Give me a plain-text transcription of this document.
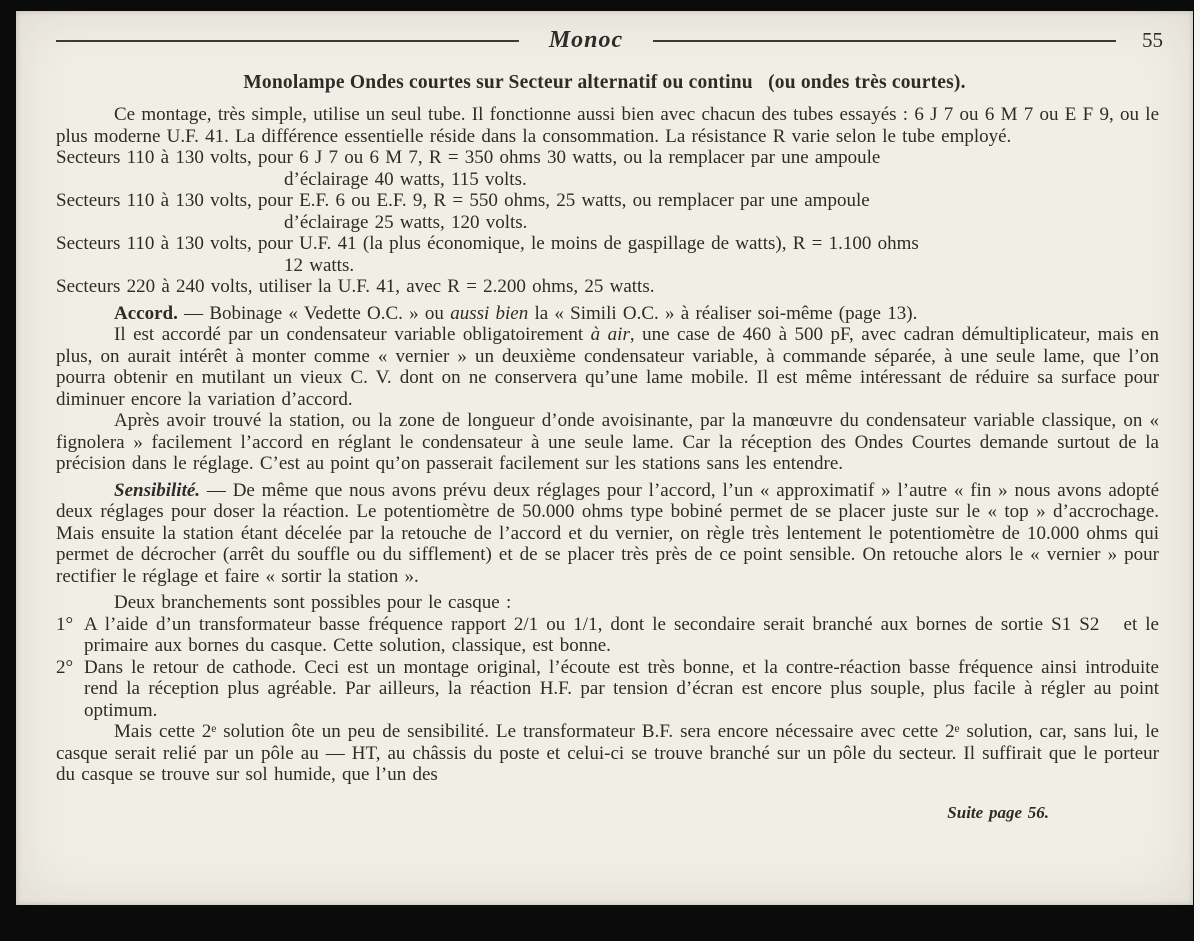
Monoc	55
Monolampe Ondes courtes sur Secteur alternatif ou continu   (ou ondes très courtes).

Ce montage, très simple, utilise un seul tube. Il fonctionne aussi bien avec chacun des tubes essayés : 6 J 7 ou 6 M 7 ou E F 9, ou le plus moderne U.F. 41. La différence essentielle réside dans la consommation. La résistance R varie selon le tube employé.

Secteurs 110 à 130 volts, pour 6 J 7 ou 6 M 7, R = 350 ohms 30 watts, ou la remplacer par une ampoule
d’éclairage 40 watts, 115 volts.

Secteurs 110 à 130 volts, pour E.F. 6 ou E.F. 9, R = 550 ohms, 25 watts, ou remplacer par une ampoule
d’éclairage 25 watts, 120 volts.

Secteurs 110 à 130 volts, pour U.F. 41 (la plus économique, le moins de gaspillage de watts), R = 1.100 ohms
12 watts.

Secteurs 220 à 240 volts, utiliser la U.F. 41, avec R = 2.200 ohms, 25 watts.

Accord. — Bobinage « Vedette O.C. » ou aussi bien la « Simili O.C. » à réaliser soi-même (page 13).

Il est accordé par un condensateur variable obligatoirement à air, une case de 460 à 500 pF, avec cadran démultiplicateur, mais en plus, on aurait intérêt à monter comme « vernier » un deuxième condensateur variable, à commande séparée, à une seule lame, que l’on pourra obtenir en mutilant un vieux C. V. dont on ne conservera qu’une lame mobile. Il est même intéressant de réduire sa surface pour diminuer encore la variation d’accord.

Après avoir trouvé la station, ou la zone de longueur d’onde avoisinante, par la manœuvre du condensateur variable classique, on « fignolera » facilement l’accord en réglant le condensateur à une seule lame. Car la réception des Ondes Courtes demande surtout de la précision dans le réglage. C’est au point qu’on passerait facilement sur les stations sans les entendre.

Sensibilité. — De même que nous avons prévu deux réglages pour l’accord, l’un « approximatif » l’autre « fin » nous avons adopté deux réglages pour doser la réaction. Le potentiomètre de 50.000 ohms type bobiné permet de se placer juste sur le « top » d’accrochage. Mais ensuite la station étant décelée par la retouche de l’accord et du vernier, on règle très lentement le potentiomètre de 10.000 ohms qui permet de décrocher (arrêt du souffle ou du sifflement) et de se placer très près de ce point sensible. On retouche alors le « vernier » pour rectifier le réglage et faire « sortir la station ».

Deux branchements sont possibles pour le casque :

1° A l’aide d’un transformateur basse fréquence rapport 2/1 ou 1/1, dont le secondaire serait branché aux bornes de sortie S1 S2   et le primaire aux bornes du casque. Cette solution, classique, est bonne.

2° Dans le retour de cathode. Ceci est un montage original, l’écoute est très bonne, et la contre-réaction basse fréquence ainsi introduite rend la réception plus agréable. Par ailleurs, la réaction H.F. par tension d’écran est encore plus souple, plus facile à régler au point optimum.

Mais cette 2ᵉ solution ôte un peu de sensibilité. Le transformateur B.F. sera encore nécessaire avec cette 2ᵉ solution, car, sans lui, le casque serait relié par un pôle au — HT, au châssis du poste et celui-ci se trouve branché sur un pôle du secteur. Il suffirait que le porteur du casque se trouve sur sol humide, que l’un des

Suite page 56.
